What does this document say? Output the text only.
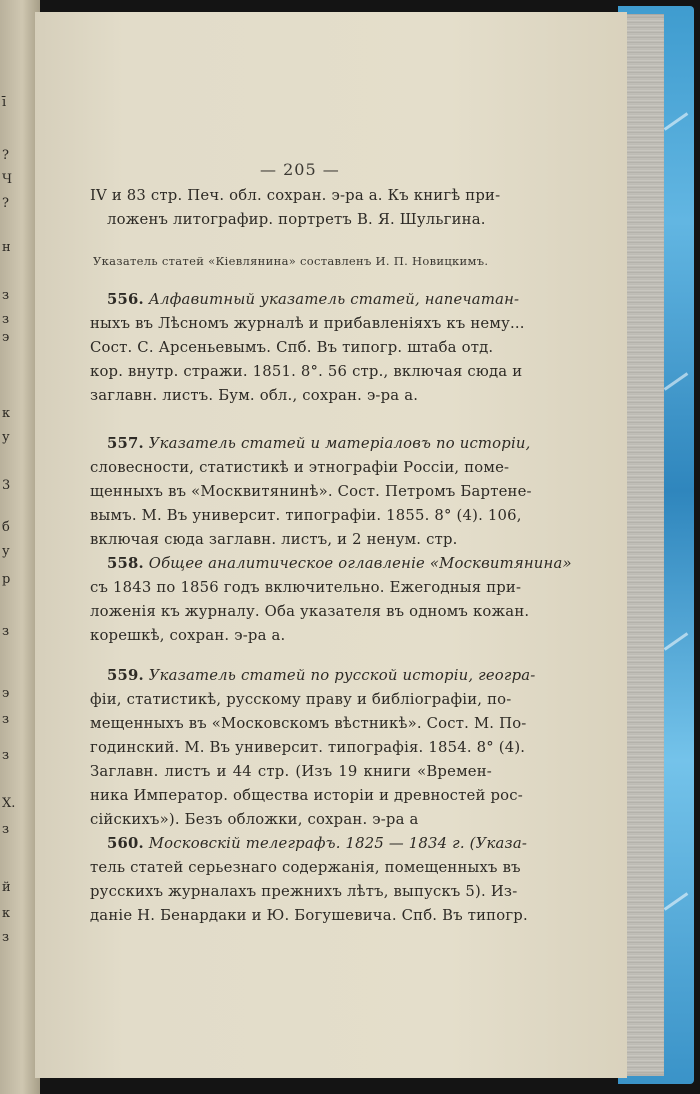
ī
?
Ч
?
н
з
з
э
к
у
3
б
у
р
з
э
з
з
Х.
з
й
к
з
— 205 —
IV и 83 стр. Печ. обл. сохран. э-ра а. Къ книгѣ при-
ложенъ литографир. портретъ В. Я. Шульгина.
Указатель статей «Кіевлянина» составленъ И. П. Новицкимъ.
556. Алфавитный указатель статей, напечатан-
ныхъ въ Лѣсномъ журналѣ и прибавленіяхъ къ нему...
Сост. С. Арсеньевымъ. Спб. Въ типогр. штаба отд.
кор. внутр. стражи. 1851. 8°. 56 стр., включая сюда и
заглавн. листъ. Бум. обл., сохран. э-ра а.
557. Указатель статей и матеріаловъ по исторіи,
словесности, статистикѣ и этнографіи Россіи, поме-
щенныхъ въ «Москвитянинѣ». Сост. Петромъ Бартене-
вымъ. М. Въ университ. типографіи. 1855. 8° (4). 106,
включая сюда заглавн. листъ, и 2 ненум. стр.
558. Общее аналитическое оглавленіе «Москвитянина»
съ 1843 по 1856 годъ включительно. Ежегодныя при-
ложенія къ журналу. Оба указателя въ одномъ кожан.
корешкѣ, сохран. э-ра а.
559. Указатель статей по русской исторіи, геогра-
фіи, статистикѣ, русскому праву и библіографіи, по-
мещенныхъ въ «Московскомъ вѣстникѣ». Сост. М. По-
годинский. М. Въ университ. типографія. 1854. 8° (4).
Заглавн. листъ и 44 стр. (Изъ 19 книги «Времен-
ника Император. общества исторіи и древностей рос-
сійскихъ»). Безъ обложки, сохран. э-ра а
560. Московскій телеграфъ. 1825 — 1834 г. (Указа-
тель статей серьезнаго содержанія, помещенныхъ въ
русскихъ журналахъ прежнихъ лѣтъ, выпускъ 5). Из-
даніе Н. Бенардаки и Ю. Богушевича. Спб. Въ типогр.
